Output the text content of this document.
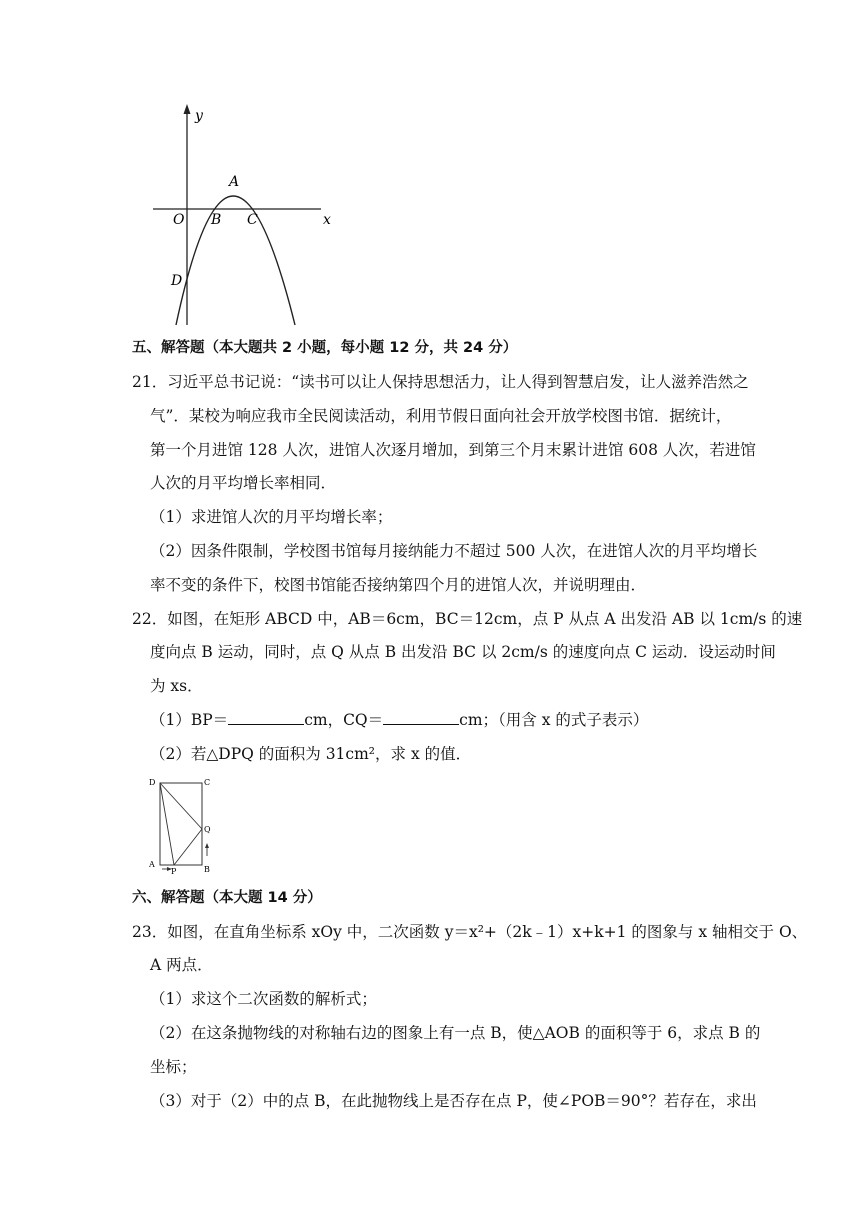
y
x
O
A
B C
D
五、解答题（本大题共 2 小题，每小题 12 分，共 24 分）
21．习近平总书记说：“读书可以让人保持思想活力，让人得到智慧启发，让人滋养浩然之
气”．某校为响应我市全民阅读活动，利用节假日面向社会开放学校图书馆．据统计，
第一个月进馆 128 人次，进馆人次逐月增加，到第三个月末累计进馆 608 人次，若进馆
人次的月平均增长率相同．
（1）求进馆人次的月平均增长率；
（2）因条件限制，学校图书馆每月接纳能力不超过 500 人次，在进馆人次的月平均增长
率不变的条件下，校图书馆能否接纳第四个月的进馆人次，并说明理由．
22．如图，在矩形 ABCD 中，AB＝6cm，BC＝12cm，点 P 从点 A 出发沿 AB 以 1cm/s 的速
度向点 B 运动，同时，点 Q 从点 B 出发沿 BC 以 2cm/s 的速度向点 C 运动．设运动时间
为 xs．
（1）BP＝	cm，CQ＝	cm；（用含 x 的式子表示）
（2）若△DPQ 的面积为 31cm²，求 x 的值．
D	C
A
B
P
Q
六、解答题（本大题 14 分）
23．如图，在直角坐标系 xOy 中，二次函数 y＝x²+（2k﹣1）x+k+1 的图象与 x 轴相交于 O、
A 两点．
（1）求这个二次函数的解析式；
（2）在这条抛物线的对称轴右边的图象上有一点 B，使△AOB 的面积等于 6，求点 B 的
坐标；
（3）对于（2）中的点 B，在此抛物线上是否存在点 P，使∠POB＝90°？若存在，求出
